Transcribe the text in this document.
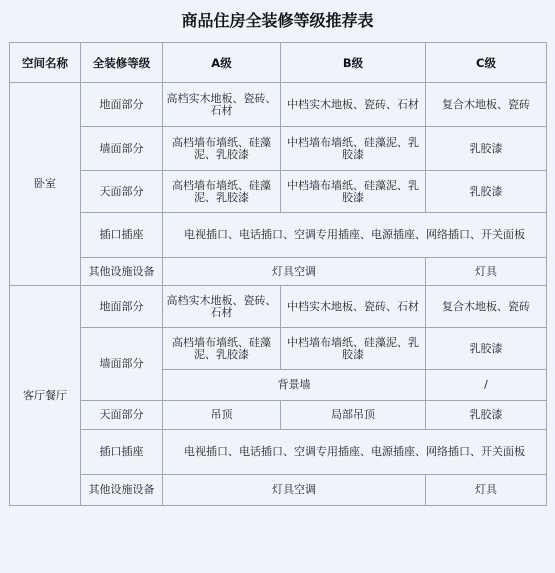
商品住房全装修等级推荐表
空间名称	全装修等级	A级	B级	C级
卧室	地面部分	高档实木地板、瓷砖、石材	中档实木地板、瓷砖、石材	复合木地板、瓷砖
	墙面部分	高档墙布墙纸、硅藻泥、乳胶漆	中档墙布墙纸、硅藻泥、乳胶漆	乳胶漆
	天面部分	高档墙布墙纸、硅藻泥、乳胶漆	中档墙布墙纸、硅藻泥、乳胶漆	乳胶漆
	插口插座	电视插口、电话插口、空调专用插座、电源插座、网络插口、开关面板		
	其他设施设备	灯具空调		灯具
客厅餐厅	地面部分	高档实木地板、瓷砖、石材	中档实木地板、瓷砖、石材	复合木地板、瓷砖
	墙面部分	高档墙布墙纸、硅藻泥、乳胶漆	中档墙布墙纸、硅藻泥、乳胶漆	乳胶漆
		背景墙		/
	天面部分	吊顶	局部吊顶	乳胶漆
	插口插座	电视插口、电话插口、空调专用插座、电源插座、网络插口、开关面板		
	其他设施设备	灯具空调		灯具
